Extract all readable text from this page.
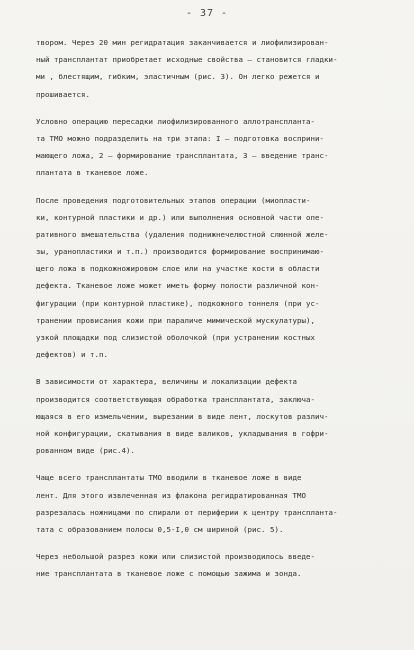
- 37 -
твором. Через 20 мин регидратация заканчивается и лиофилизирован-
ный трансплантат приобретает исходные свойства – становится гладки-
ми , блестящим, гибким, эластичным (рис. 3). Он легко режется и
прошивается.
Условно операцию пересадки лиофилизированного аллотранспланта-
та ТМО можно подразделить на три этапа: I – подготовка восприни-
мающего ложа, 2 – формирование трансплантата, 3 – введение транс-
плантата в тканевое ложе.
После проведения подготовительных этапов операции (миопласти-
ки, контурной пластики и др.) или выполнения основной части опе-
ративного вмешательства (удаления поднижнечелюстной слюнной желе-
зы, уранопластики и т.п.) производится формирование воспринимаю-
щего ложа в подкожножировом слое или на участке кости в области
дефекта. Тканевое ложе может иметь форму полости различной кон-
фигурации (при контурной пластике), подкожного тоннеля (при ус-
транении провисания кожи при параличе мимической мускулатуры),
узкой площадки под слизистой оболочкой (при устранении костных
дефектов) и т.п.
В зависимости от характера, величины и локализации дефекта
производится соответствующая обработка трансплантата, заключа-
ющаяся в его измельчении, вырезании в виде лент, лоскутов различ-
ной конфигурации, скатывания в виде валиков, укладывания в гофри-
рованном виде (рис.4).
Чаще всего трансплантаты ТМО вводили в тканевое ложе в виде
лент. Для этого извлеченная из флакона регидратированная ТМО
разрезалась ножницами по спирали от периферии к центру транспланта-
тата с образованием полосы 0,5-I,0 см шириной (рис. 5).
Через небольшой разрез кожи или слизистой производилось введе-
ние трансплантата в тканевое ложе с помощью зажима и зонда.
